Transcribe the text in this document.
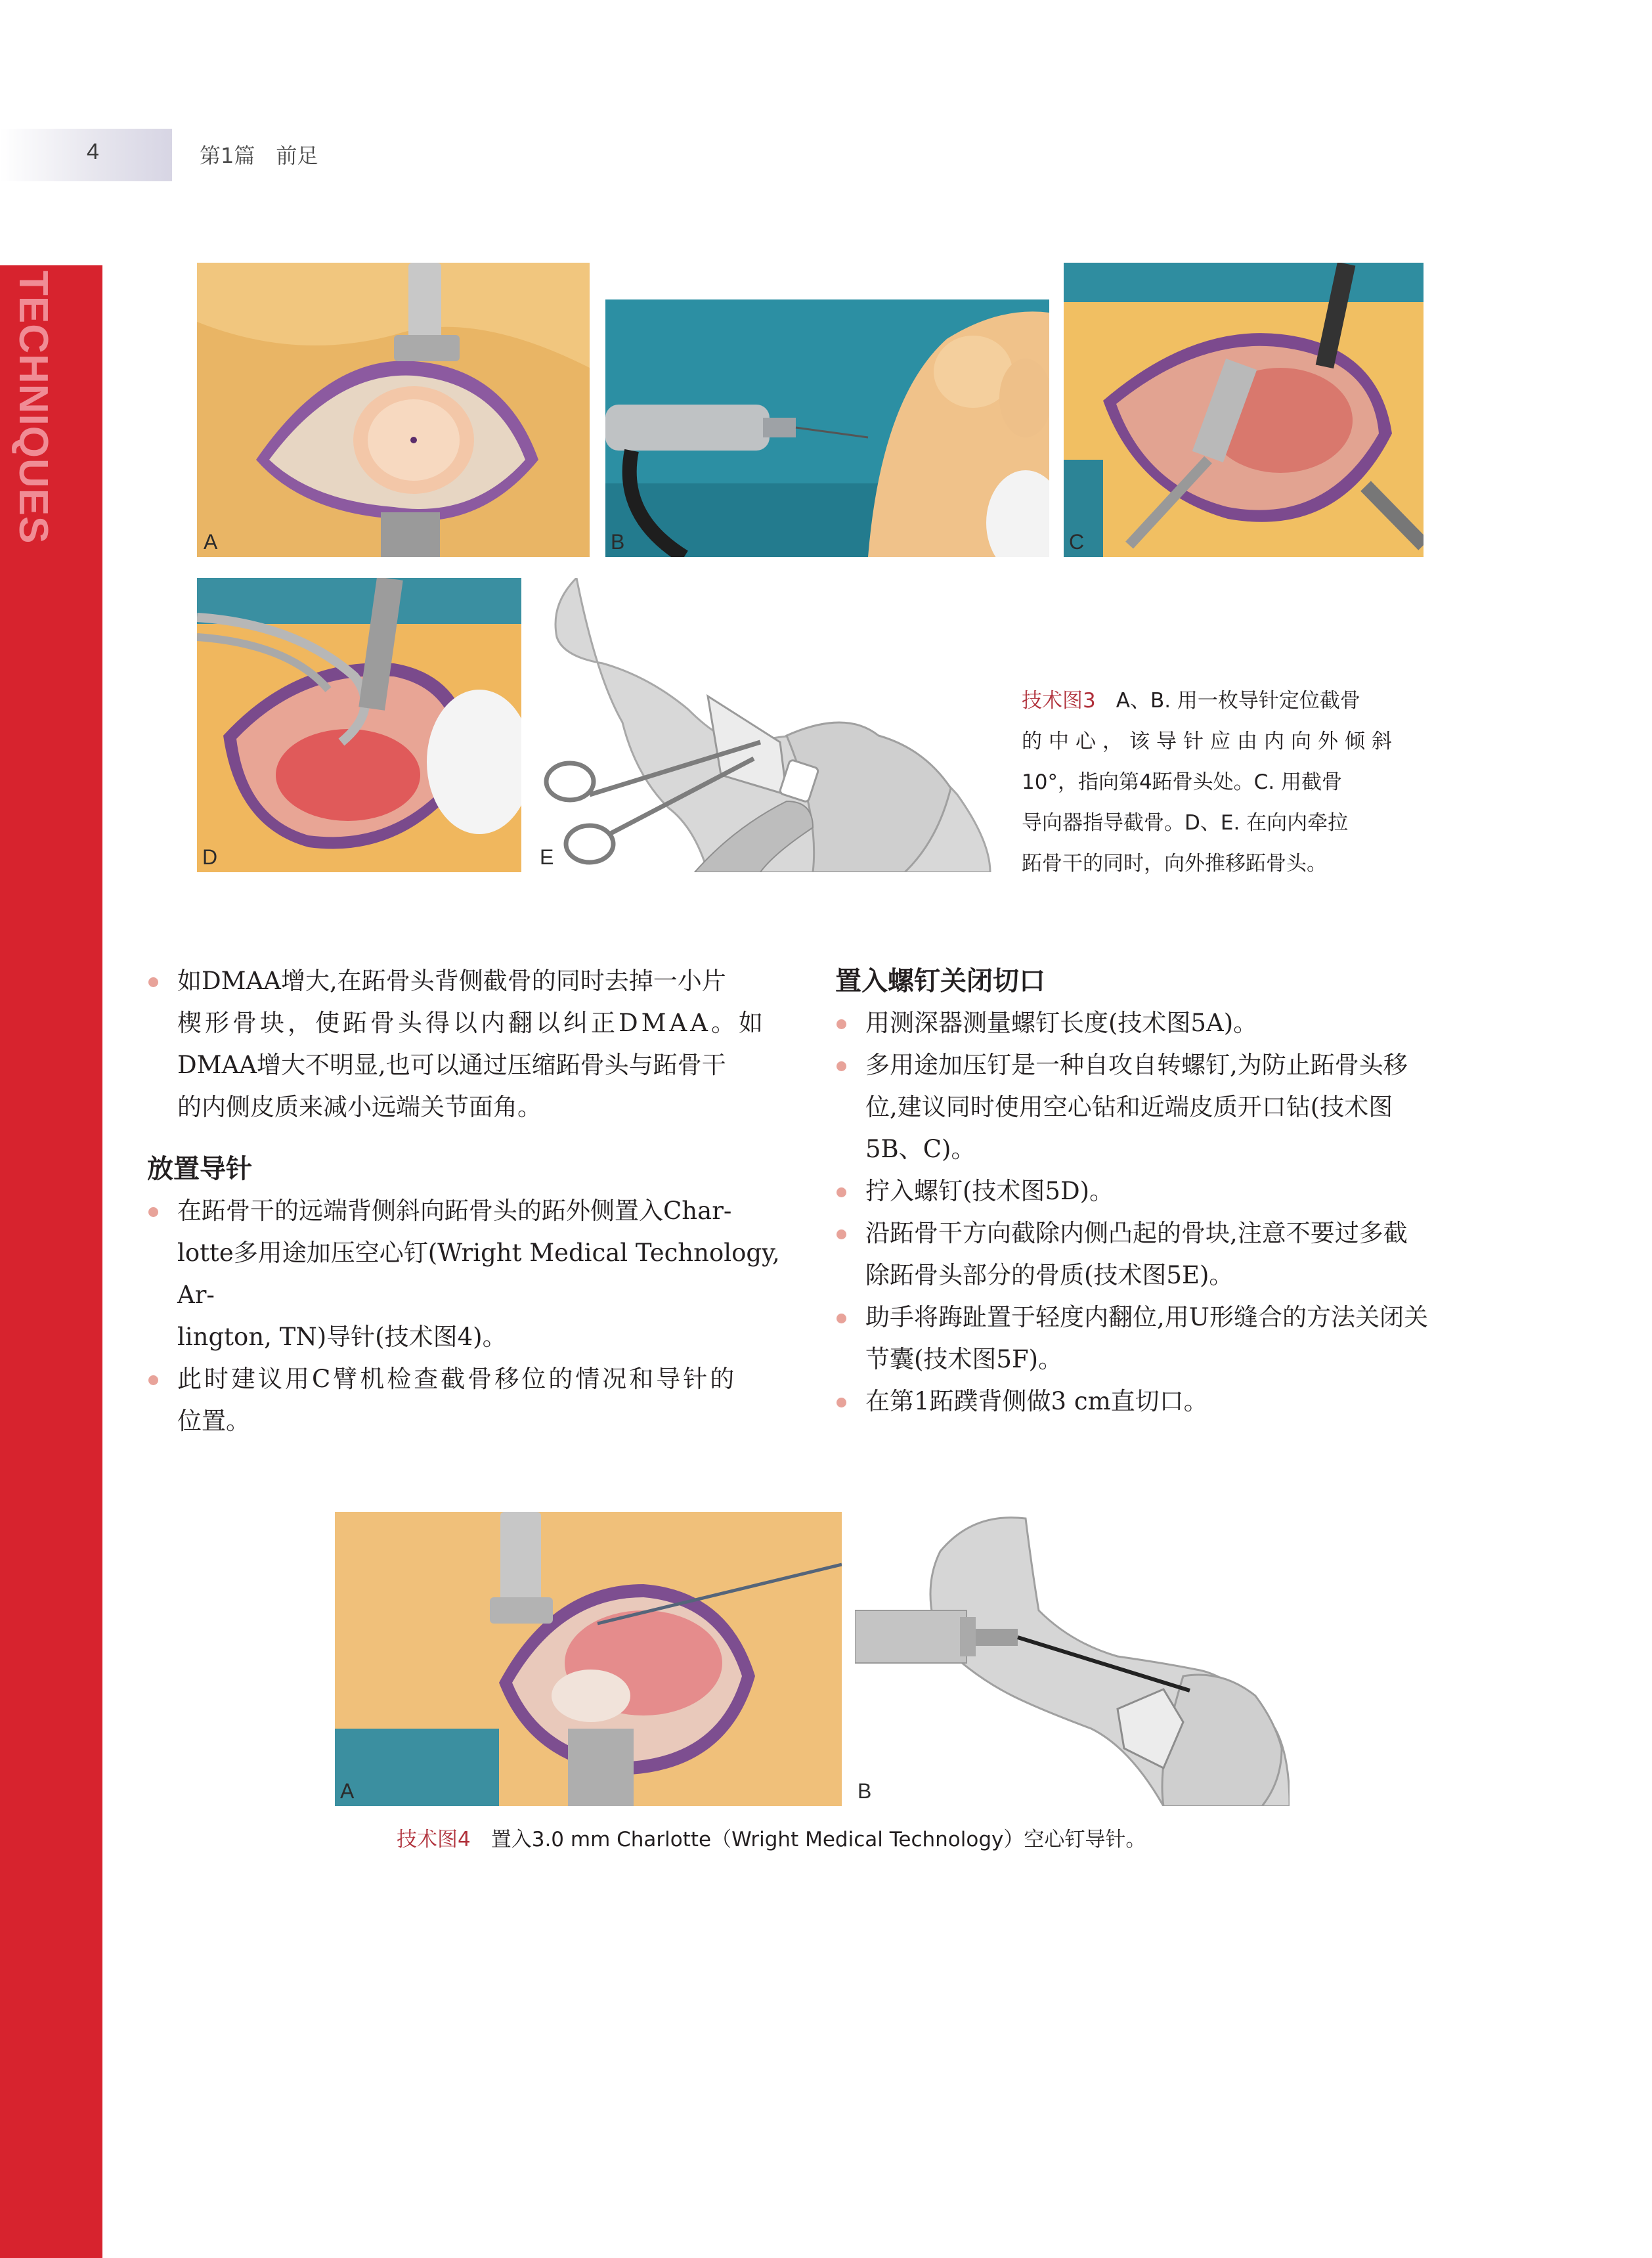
4	第1篇　前足
TECHNIQUES	A	B	C
D	E
技术图3　 A、B. 用一枚导针定位截骨
的中心，该导针应由内向外倾斜
10°，指向第4跖骨头处。C. 用截骨
导向器指导截骨。D、E. 在向内牵拉
跖骨干的同时，向外推移跖骨头。
如DMAA增大,在跖骨头背侧截骨的同时去掉一小片
楔形骨块，使跖骨头得以内翻以纠正DMAA。如
DMAA增大不明显,也可以通过压缩跖骨头与跖骨干
的内侧皮质来减小远端关节面角。
放置导针
在跖骨干的远端背侧斜向跖骨头的跖外侧置入Char-
lotte多用途加压空心钉(Wright Medical Technology, Ar-
lington, TN)导针(技术图4)。
此时建议用C臂机检查截骨移位的情况和导针的
位置。
置入螺钉关闭切口
用测深器测量螺钉长度(技术图5A)。
多用途加压钉是一种自攻自转螺钉,为防止跖骨头移
位,建议同时使用空心钻和近端皮质开口钻(技术图
5B、C)。
拧入螺钉(技术图5D)。
沿跖骨干方向截除内侧凸起的骨块,注意不要过多截
除跖骨头部分的骨质(技术图5E)。
助手将踇趾置于轻度内翻位,用U形缝合的方法关闭关
节囊(技术图5F)。
在第1跖蹼背侧做3 cm直切口。
A	B
技术图4　 置入3.0 mm Charlotte（Wright Medical Technology）空心钉导针。
